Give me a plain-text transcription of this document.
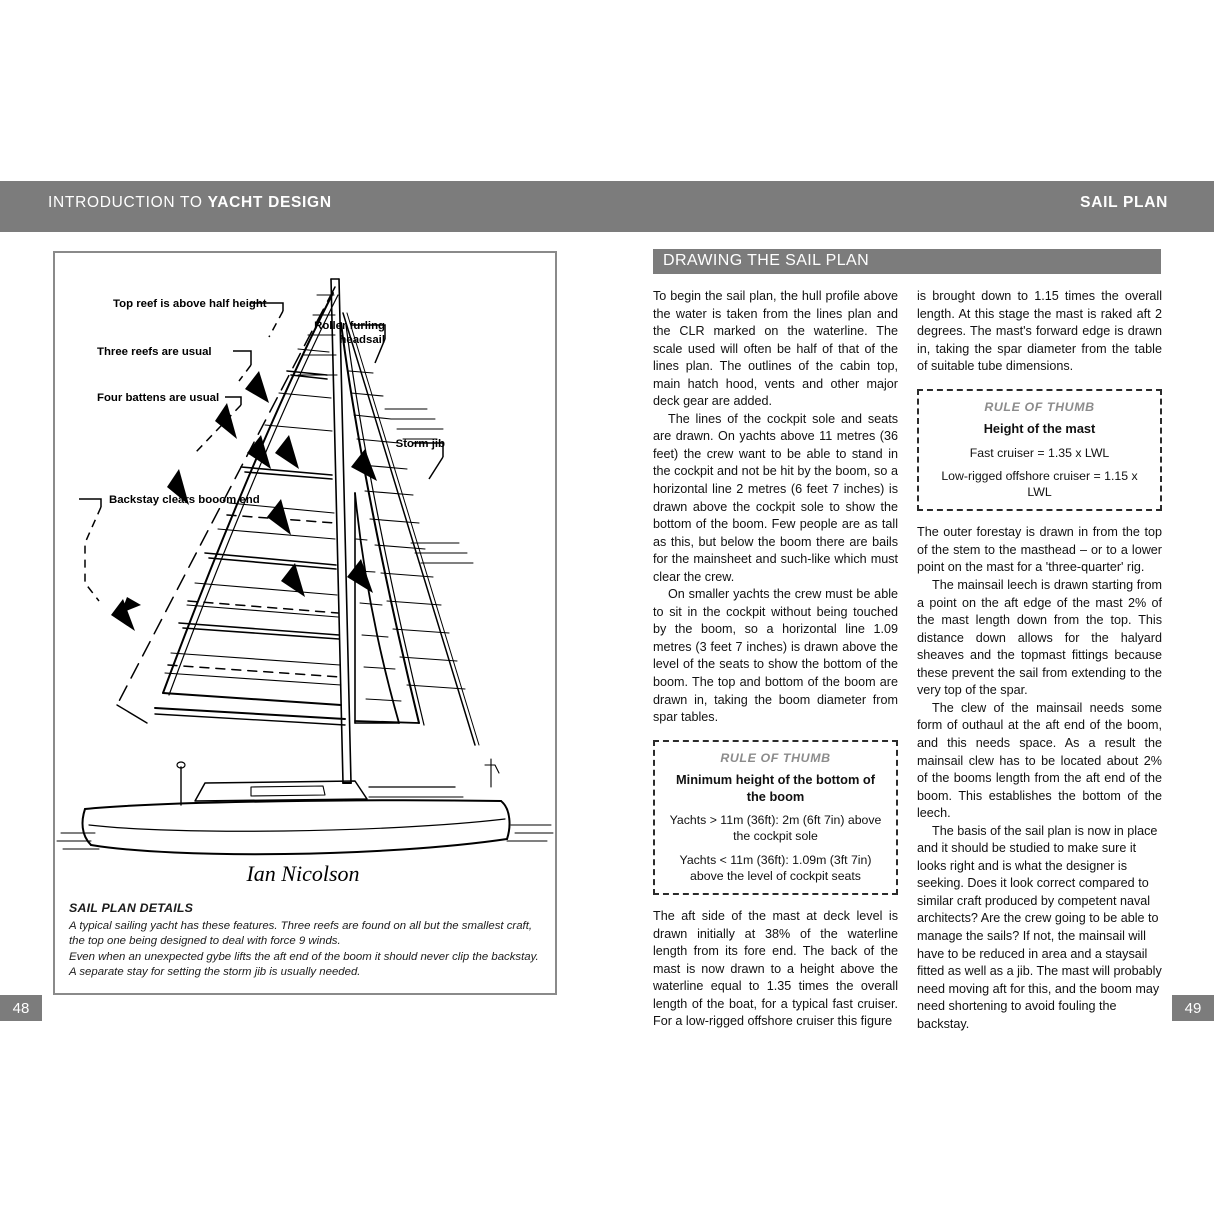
INTRODUCTION TO YACHT DESIGN	SAIL PLAN
48	49
Top reef is above half height
Three reefs are usual
Four battens are usual
Backstay clears booom end
Roller furling
headsail
Storm jib
Ian Nicolson
SAIL PLAN DETAILS

A typical sailing yacht has these features. Three reefs are found on all but the smallest craft, the top one being designed to deal with force 9 winds.

Even when an unexpected gybe lifts the aft end of the boom it should never clip the backstay.

A separate stay for setting the storm jib is usually needed.

DRAWING THE SAIL PLAN

To begin the sail plan, the hull profile above the water is taken from the lines plan and the CLR marked on the waterline. The scale used will often be half of that of the lines plan. The outlines of the cabin top, main hatch hood, vents and other major deck gear are added.

The lines of the cockpit sole and seats are drawn. On yachts above 11 metres (36 feet) the crew want to be able to stand in the cockpit and not be hit by the boom, so a horizontal line 2 metres (6 feet 7 inches) is drawn above the cockpit sole to show the bottom of the boom. Few people are as tall as this, but below the boom there are bails for the mainsheet and such-like which must clear the crew.

On smaller yachts the crew must be able to sit in the cockpit without being touched by the boom, so a horizontal line 1.09 metres (3 feet 7 inches) is drawn above the level of the seats to show the bottom of the boom. The top and bottom of the boom are drawn in, taking the boom diameter from spar tables.

RULE OF THUMB
Minimum height of the bottom of the boom
Yachts > 11m (36ft): 2m (6ft 7in) above the cockpit sole
Yachts < 11m (36ft): 1.09m (3ft 7in) above the level of cockpit seats

The aft side of the mast at deck level is drawn initially at 38% of the waterline length from its fore end. The back of the mast is now drawn to a height above the waterline equal to 1.35 times the overall length of the boat, for a typical fast cruiser. For a low-rigged offshore cruiser this figure

is brought down to 1.15 times the overall length. At this stage the mast is raked aft 2 degrees. The mast's forward edge is drawn in, taking the spar diameter from the table of suitable tube dimensions.

RULE OF THUMB
Height of the mast
Fast cruiser = 1.35 x LWL
Low-rigged offshore cruiser = 1.15 x LWL

The outer forestay is drawn in from the top of the stem to the masthead – or to a lower point on the mast for a 'three-quarter' rig.

The mainsail leech is drawn starting from a point on the aft edge of the mast 2% of the mast length down from the top. This distance down allows for the halyard sheaves and the topmast fittings because these prevent the sail from extending to the very top of the spar.

The clew of the mainsail needs some form of outhaul at the aft end of the boom, and this needs space. As a result the mainsail clew has to be located about 2% of the booms length from the aft end of the boom. This establishes the bottom of the leech.

The basis of the sail plan is now in place and it should be studied to make sure it looks right and is what the designer is seeking. Does it look correct compared to similar craft produced by competent naval architects? Are the crew going to be able to manage the sails? If not, the mainsail will have to be reduced in area and a staysail fitted as well as a jib. The mast will probably need moving aft for this, and the boom may need shortening to avoid fouling the backstay.
